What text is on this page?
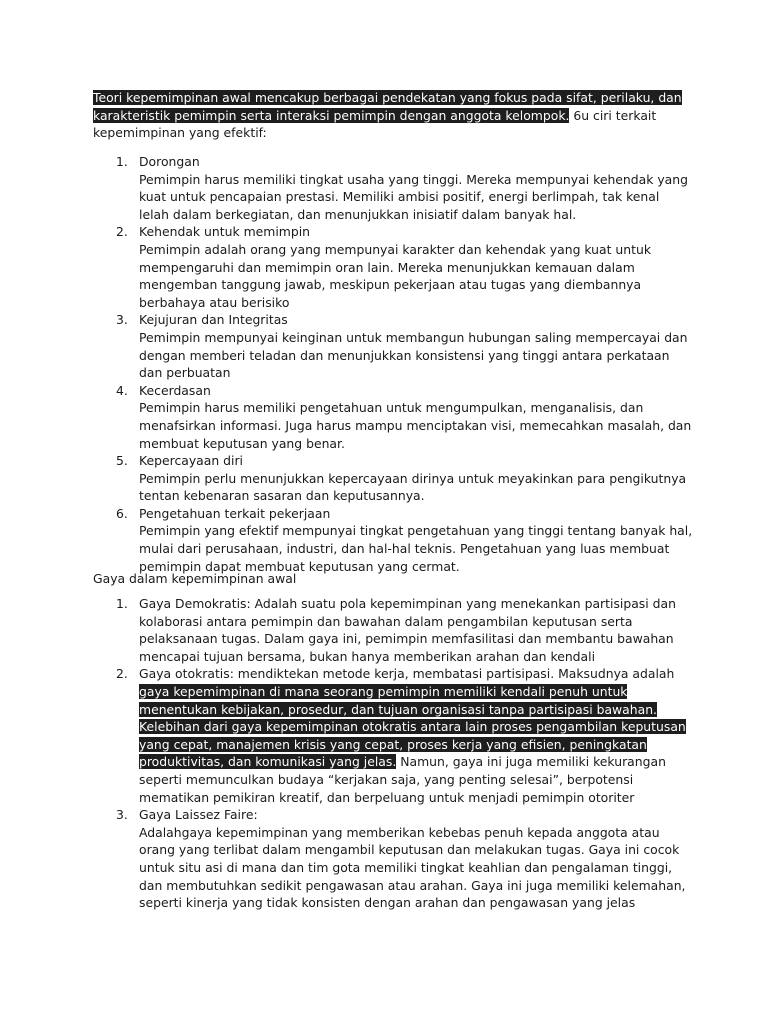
Teori kepemimpinan awal mencakup berbagai pendekatan yang fokus pada sifat, perilaku, dan karakteristik pemimpin serta interaksi pemimpin dengan anggota kelompok. 6u ciri terkait kepemimpinan yang efektif:

1. Dorongan
Pemimpin harus memiliki tingkat usaha yang tinggi. Mereka mempunyai kehendak yang kuat untuk pencapaian prestasi. Memiliki ambisi positif, energi berlimpah, tak kenal lelah dalam berkegiatan, dan menunjukkan inisiatif dalam banyak hal.
2. Kehendak untuk memimpin
Pemimpin adalah orang yang mempunyai karakter dan kehendak yang kuat untuk mempengaruhi dan memimpin oran lain. Mereka menunjukkan kemauan dalam mengemban tanggung jawab, meskipun pekerjaan atau tugas yang diembannya berbahaya atau berisiko
3. Kejujuran dan Integritas
Pemimpin mempunyai keinginan untuk membangun hubungan saling mempercayai dan dengan memberi teladan dan menunjukkan konsistensi yang tinggi antara perkataan dan perbuatan
4. Kecerdasan
Pemimpin harus memiliki pengetahuan untuk mengumpulkan, menganalisis, dan menafsirkan informasi. Juga harus mampu menciptakan visi, memecahkan masalah, dan membuat keputusan yang benar.
5. Kepercayaan diri
Pemimpin perlu menunjukkan kepercayaan dirinya untuk meyakinkan para pengikutnya tentan kebenaran sasaran dan keputusannya.
6. Pengetahuan terkait pekerjaan
Pemimpin yang efektif mempunyai tingkat pengetahuan yang tinggi tentang banyak hal, mulai dari perusahaan, industri, dan hal-hal teknis. Pengetahuan yang luas membuat pemimpin dapat membuat keputusan yang cermat.

Gaya dalam kepemimpinan awal

1. Gaya Demokratis: Adalah suatu pola kepemimpinan yang menekankan partisipasi dan kolaborasi antara pemimpin dan bawahan dalam pengambilan keputusan serta pelaksanaan tugas. Dalam gaya ini, pemimpin memfasilitasi dan membantu bawahan mencapai tujuan bersama, bukan hanya memberikan arahan dan kendali
2. Gaya otokratis: mendiktekan metode kerja, membatasi partisipasi. Maksudnya adalah gaya kepemimpinan di mana seorang pemimpin memiliki kendali penuh untuk menentukan kebijakan, prosedur, dan tujuan organisasi tanpa partisipasi bawahan. Kelebihan dari gaya kepemimpinan otokratis antara lain proses pengambilan keputusan yang cepat, manajemen krisis yang cepat, proses kerja yang efisien, peningkatan produktivitas, dan komunikasi yang jelas. Namun, gaya ini juga memiliki kekurangan seperti memunculkan budaya “kerjakan saja, yang penting selesai”, berpotensi mematikan pemikiran kreatif, dan berpeluang untuk menjadi pemimpin otoriter
3. Gaya Laissez Faire:
Adalahgaya kepemimpinan yang memberikan kebebas penuh kepada anggota atau orang yang terlibat dalam mengambil keputusan dan melakukan tugas. Gaya ini cocok untuk situ asi di mana dan tim gota memiliki tingkat keahlian dan pengalaman tinggi, dan membutuhkan sedikit pengawasan atau arahan. Gaya ini juga memiliki kelemahan, seperti kinerja yang tidak konsisten dengan arahan dan pengawasan yang jelas
